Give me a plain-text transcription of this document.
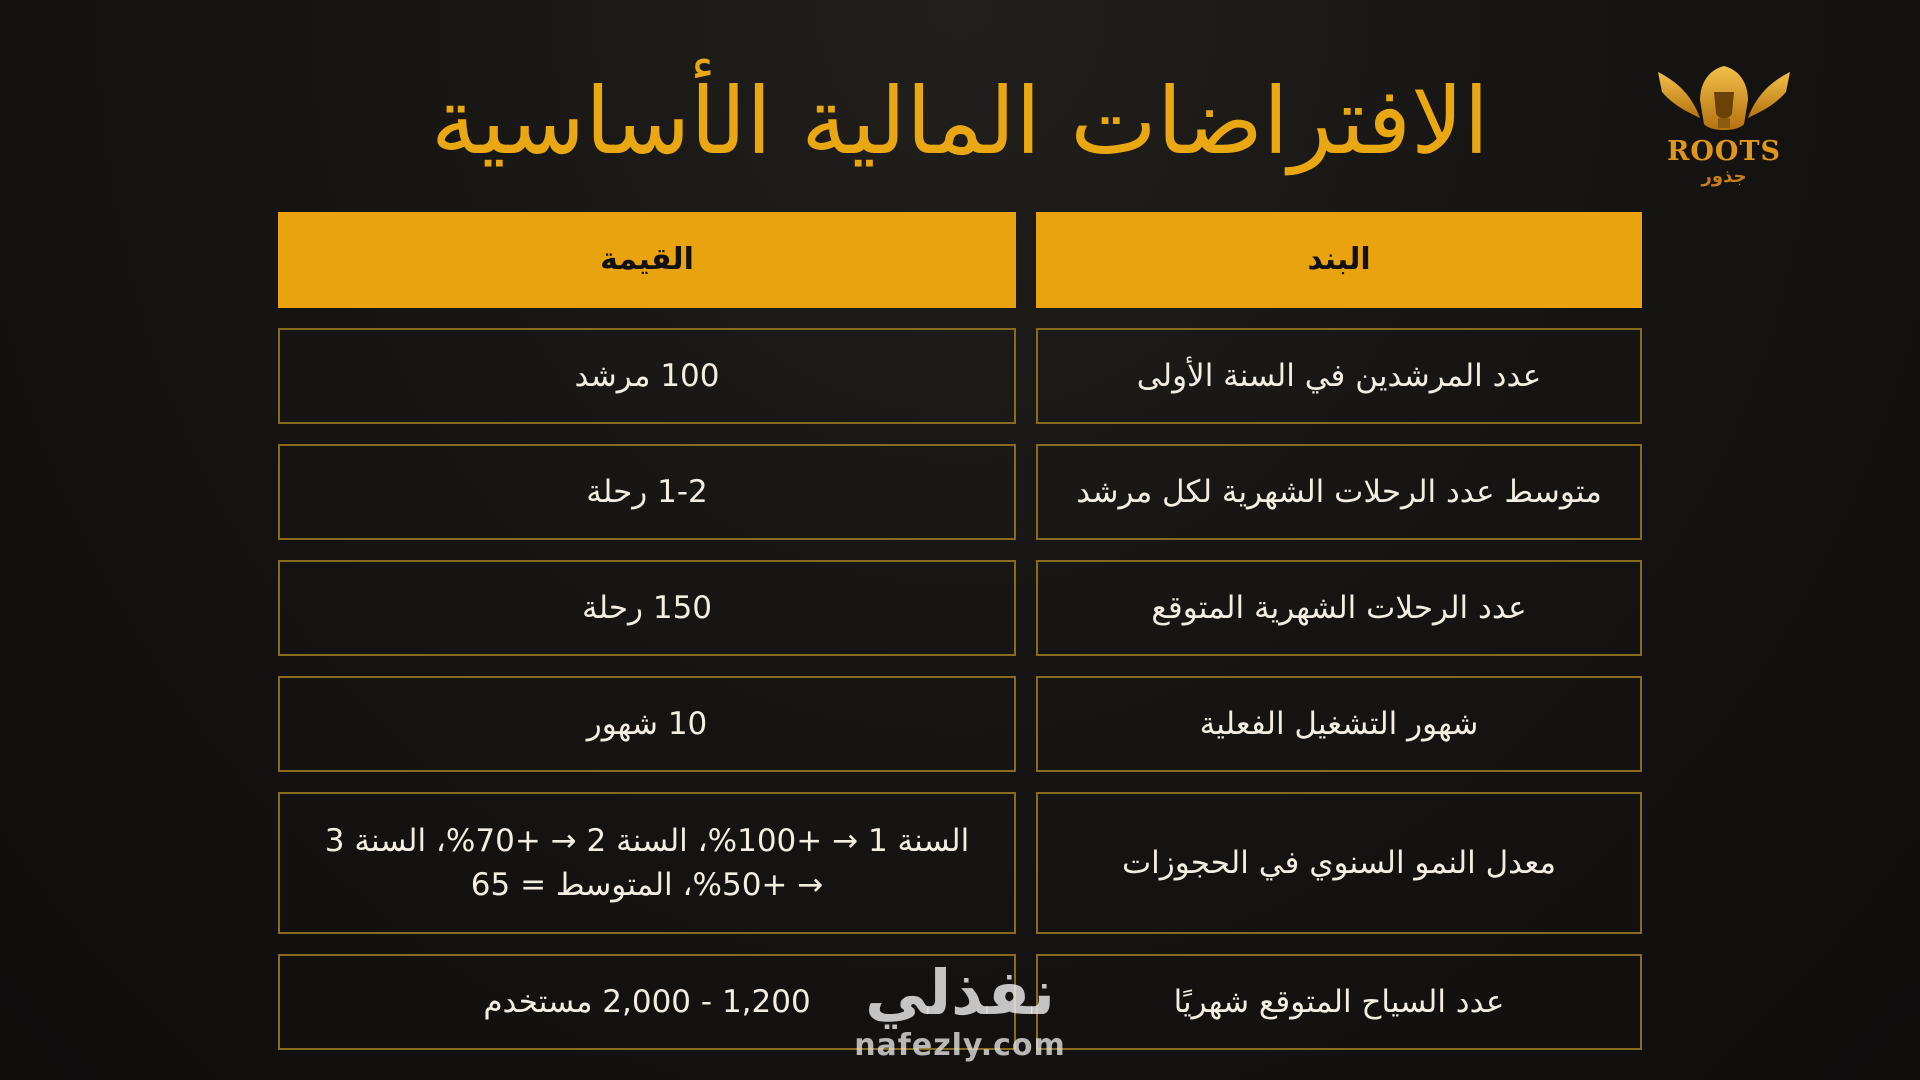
الافتراضات المالية الأساسية	ROOTS
جذور
البند
القيمة
عدد المرشدين في السنة الأولى
100 مرشد
متوسط عدد الرحلات الشهرية لكل مرشد
1-2 رحلة
عدد الرحلات الشهرية المتوقع
150 رحلة
شهور التشغيل الفعلية
10 شهور
معدل النمو السنوي في الحجوزات
السنة 1 → +100%، السنة 2 → +70%، السنة 3 → +50%، المتوسط = 65
عدد السياح المتوقع شهريًا
1,200 - 2,000 مستخدم نفذلي
nafezly.com
